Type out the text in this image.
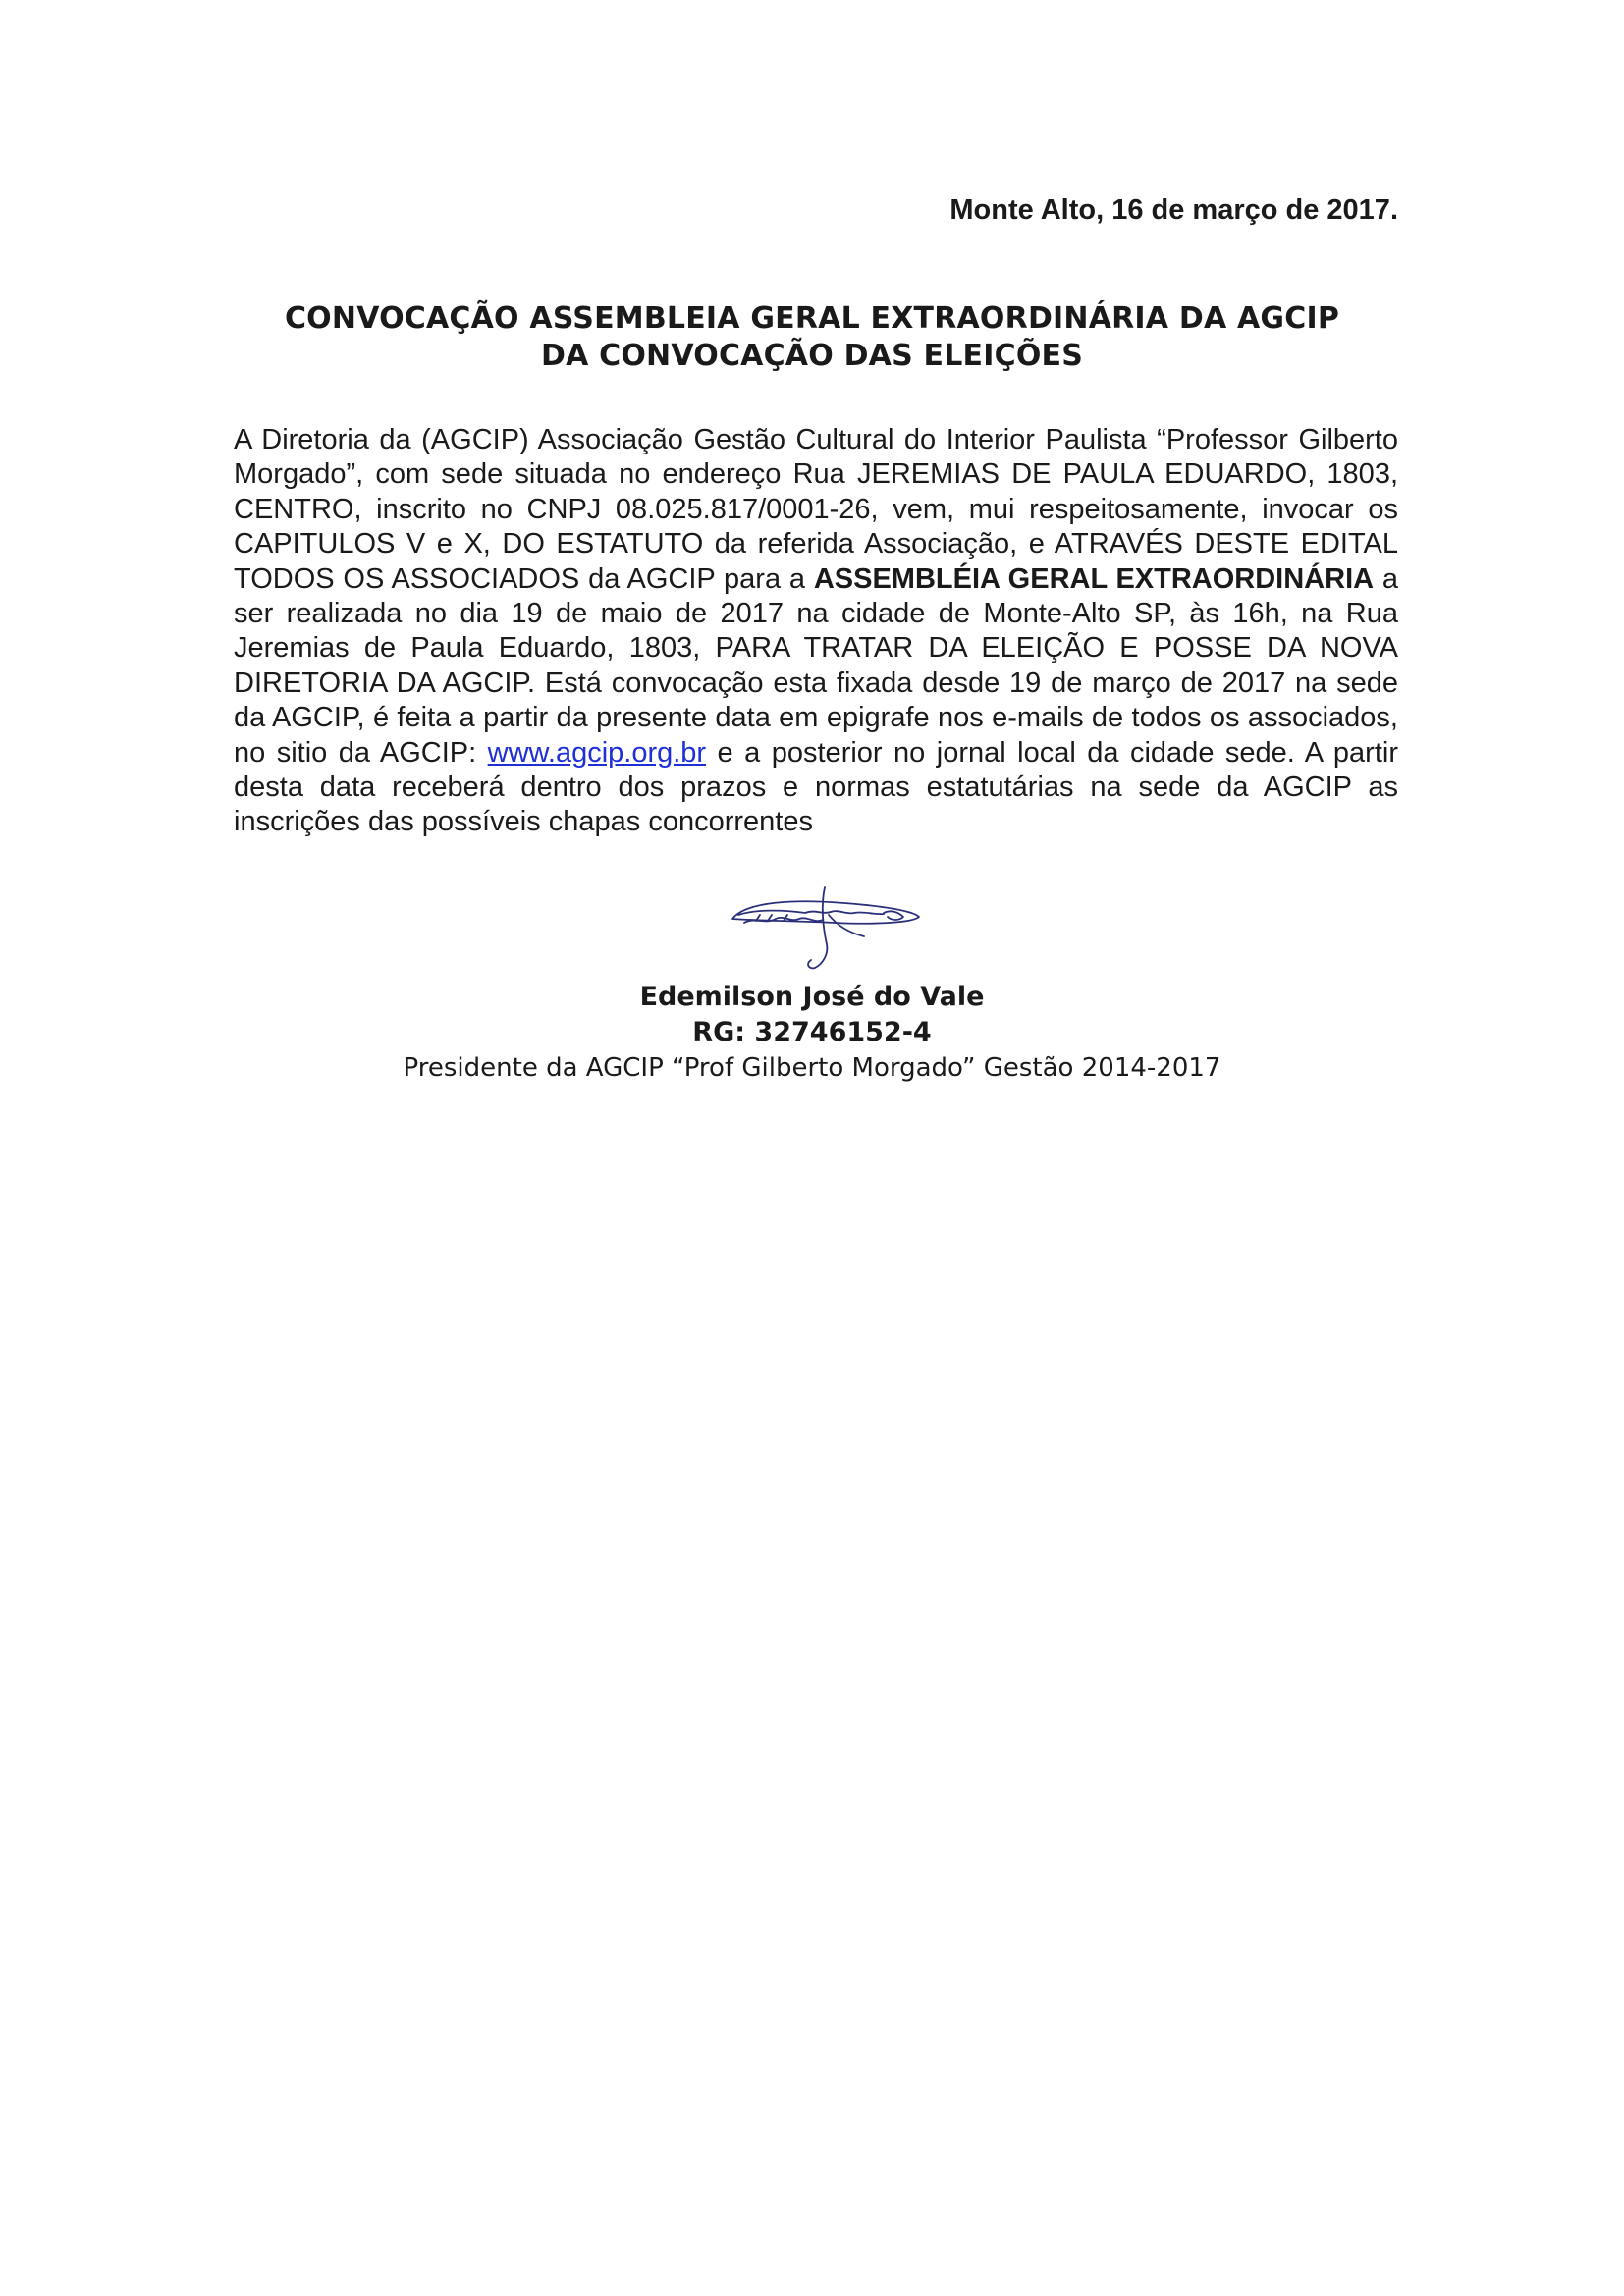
Monte Alto, 16 de março de 2017.
CONVOCAÇÃO ASSEMBLEIA GERAL EXTRAORDINÁRIA DA AGCIP
DA CONVOCAÇÃO DAS ELEIÇÕES

A Diretoria da (AGCIP) Associação Gestão Cultural do Interior Paulista “Professor Gilberto Morgado”, com sede situada no endereço Rua JEREMIAS DE PAULA EDUARDO, 1803, CENTRO, inscrito no CNPJ 08.025.817/0001-26, vem, mui respeitosamente, invocar os CAPITULOS V e X, DO ESTATUTO da referida Associação, e ATRAVÉS DESTE EDITAL TODOS OS ASSOCIADOS da AGCIP para a ASSEMBLÉIA GERAL EXTRAORDINÁRIA a ser realizada no dia 19 de maio de 2017 na cidade de Monte-Alto SP, às 16h, na Rua Jeremias de Paula Eduardo, 1803, PARA TRATAR DA ELEIÇÃO E POSSE DA NOVA DIRETORIA DA AGCIP. Está convocação esta fixada desde 19 de março de 2017 na sede da AGCIP, é feita a partir da presente data em epigrafe nos e-mails de todos os associados, no sitio da AGCIP: www.agcip.org.br e a posterior no jornal local da cidade sede. A partir desta data receberá dentro dos prazos e normas estatutárias na sede da AGCIP as inscrições das possíveis chapas concorrentes

Edemilson José do Vale
RG: 32746152-4
Presidente da AGCIP “Prof Gilberto Morgado” Gestão 2014-2017
